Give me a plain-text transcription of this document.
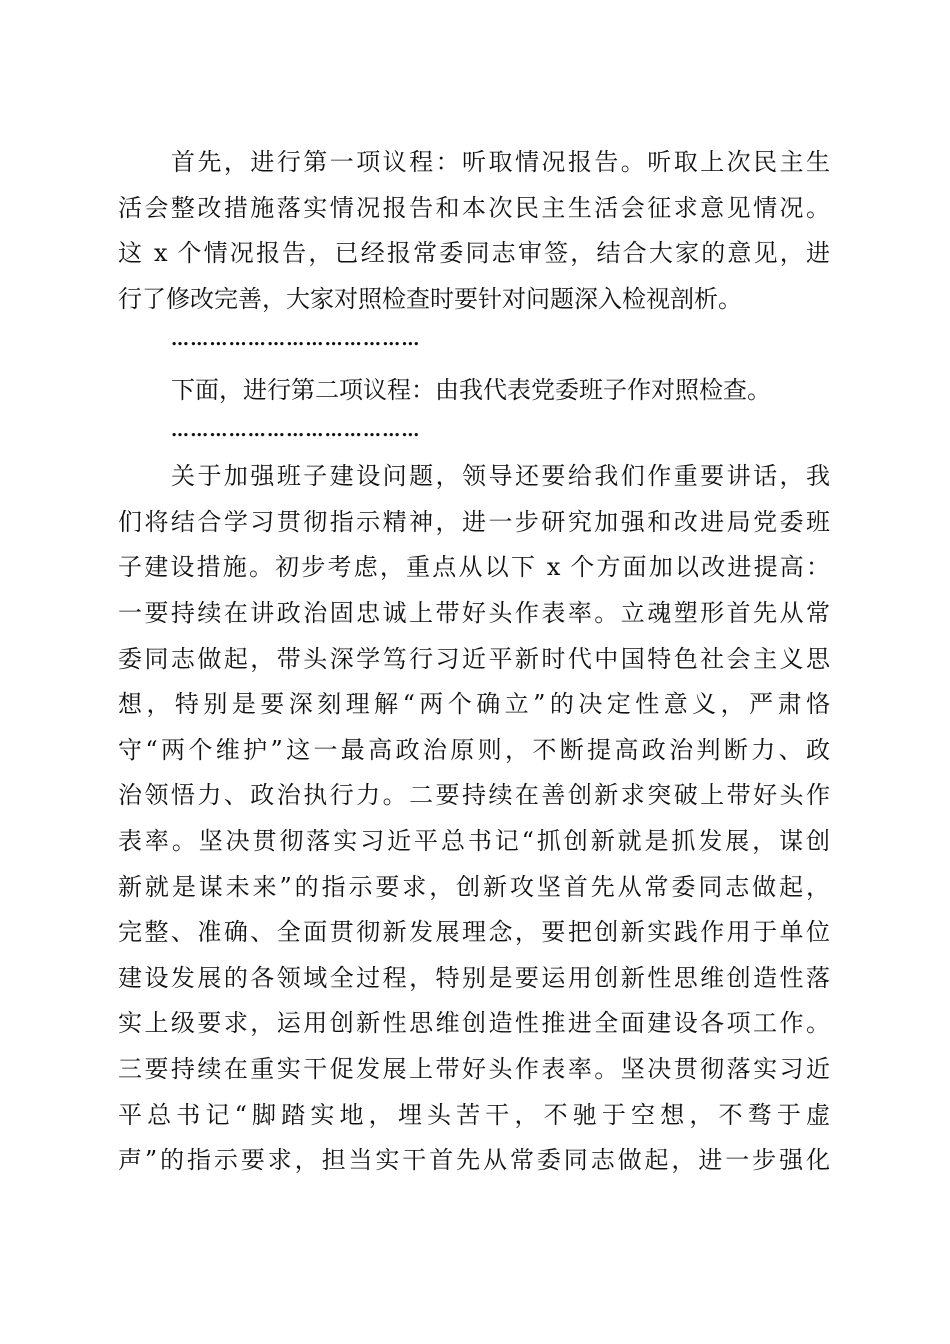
首先，进行第一项议程：听取情况报告。听取上次民主生
活会整改措施落实情况报告和本次民主生活会征求意见情况。
这 x 个情况报告，已经报常委同志审签，结合大家的意见，进
行了修改完善，大家对照检查时要针对问题深入检视剖析。
…………………………………
下面，进行第二项议程：由我代表党委班子作对照检查。
…………………………………
关于加强班子建设问题，领导还要给我们作重要讲话，我
们将结合学习贯彻指示精神，进一步研究加强和改进局党委班
子建设措施。初步考虑，重点从以下 x 个方面加以改进提高：
一要持续在讲政治固忠诚上带好头作表率。立魂塑形首先从常
委同志做起，带头深学笃行习近平新时代中国特色社会主义思
想，特别是要深刻理解“两个确立”的决定性意义，严肃恪
守“两个维护”这一最高政治原则，不断提高政治判断力、政
治领悟力、政治执行力。二要持续在善创新求突破上带好头作
表率。坚决贯彻落实习近平总书记“抓创新就是抓发展，谋创
新就是谋未来”的指示要求，创新攻坚首先从常委同志做起，
完整、准确、全面贯彻新发展理念，要把创新实践作用于单位
建设发展的各领域全过程，特别是要运用创新性思维创造性落
实上级要求，运用创新性思维创造性推进全面建设各项工作。
三要持续在重实干促发展上带好头作表率。坚决贯彻落实习近
平总书记“脚踏实地，埋头苦干，不驰于空想，不骛于虚
声”的指示要求，担当实干首先从常委同志做起，进一步强化
